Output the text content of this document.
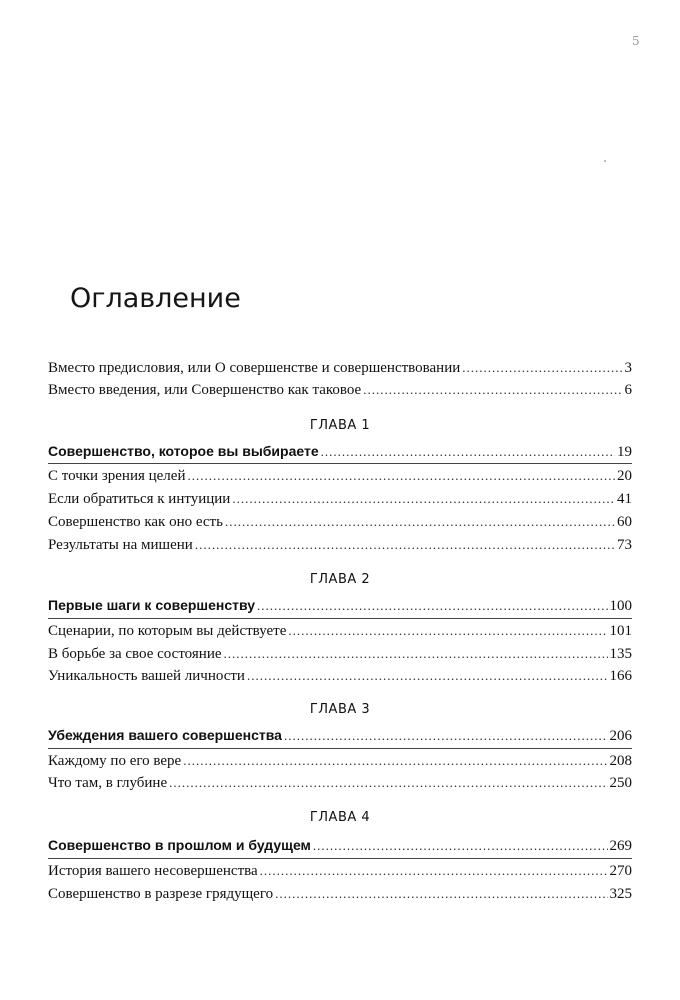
5
Оглавление
Вместо предисловия, или О совершенстве и совершенствовании .....	3
Вместо введения, или Совершенство как таковое .....	6
ГЛАВА 1
Совершенство, которое вы выбираете .....	19
С точки зрения целей .....	20
Если обратиться к интуиции .....	41
Совершенство как оно есть .....	60
Результаты на мишени .....	73
ГЛАВА 2
Первые шаги к совершенству .....	100
Сценарии, по которым вы действуете .....	101
В борьбе за свое состояние .....	135
Уникальность вашей личности .....	166
ГЛАВА 3
Убеждения вашего совершенства .....	206
Каждому по его вере .....	208
Что там, в глубине .....	250
ГЛАВА 4
Совершенство в прошлом и будущем .....	269
История вашего несовершенства .....	270
Совершенство в разрезе грядущего .....	325
